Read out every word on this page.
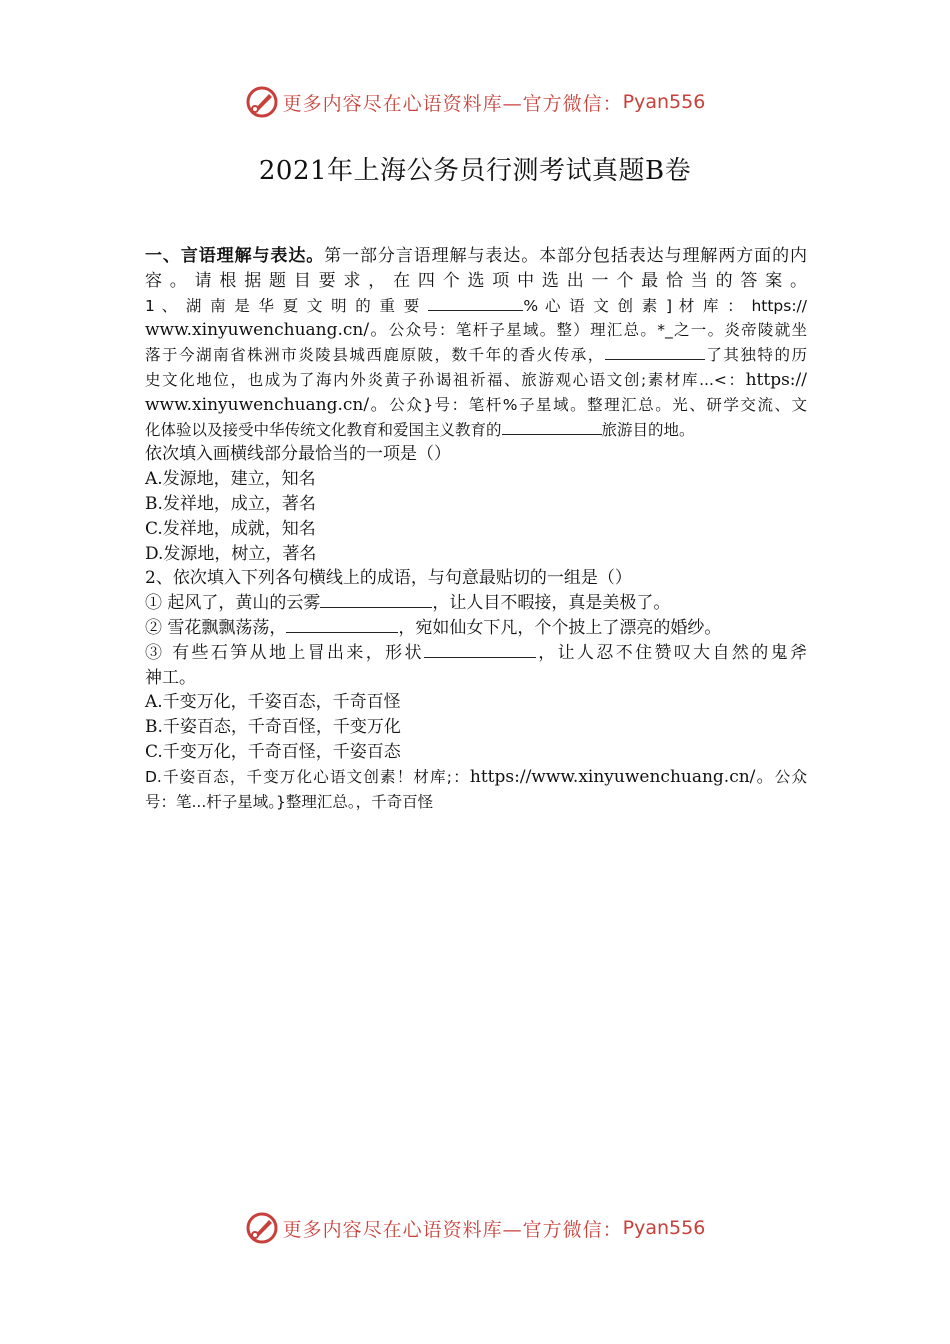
更多内容尽在心语资料库—官方微信： Pyan556
2021年上海公务员行测考试真题B卷

一、言语理解与表达。第一部分言语理解与表达。本部分包括表达与理解两方面的内容。请根据题目要求，在四个选项中选出一个最恰当的答案。

1 、 湖 南 是 华 夏 文 明 的 重 要	% 心 语 文 创 素 ] 材 库 ： https://

www.xinyuwenchuang.cn/。公众号：笔杆子星域。整）理汇总。*_之一。炎帝陵就坐

落于今湖南省株洲市炎陵县城西鹿原陂，数千年的香火传承，	了其独特的历

史文化地位，也成为了海内外炎黄子孙谒祖祈福、旅游观心语文创;素材库...<：https://

www.xinyuwenchuang.cn/。公众}号：笔杆%子星域。整理汇总。光、研学交流、文

化体验以及接受中华传统文化教育和爱国主义教育的	旅游目的地。

依次填入画横线部分最恰当的一项是（）

A.发源地，建立，知名

B.发祥地，成立，著名

C.发祥地，成就，知名

D.发源地，树立，著名

2、依次填入下列各句横线上的成语，与句意最贴切的一组是（）

① 起风了，黄山的云雾	，让人目不暇接，真是美极了。

② 雪花飘飘荡荡，	，宛如仙女下凡，个个披上了漂亮的婚纱。

③ 有些石笋从地上冒出来，形状	，让人忍不住赞叹大自然的鬼斧

神工。

A.千变万化，千姿百态，千奇百怪

B.千姿百态，千奇百怪，千变万化

C.千变万化，千奇百怪，千姿百态

D.千姿百态，千变万化心语文创素！材库;：https://www.xinyuwenchuang.cn/。公众

号：笔...杆子星域。}整理汇总。，千奇百怪

更多内容尽在心语资料库—官方微信： Pyan556
